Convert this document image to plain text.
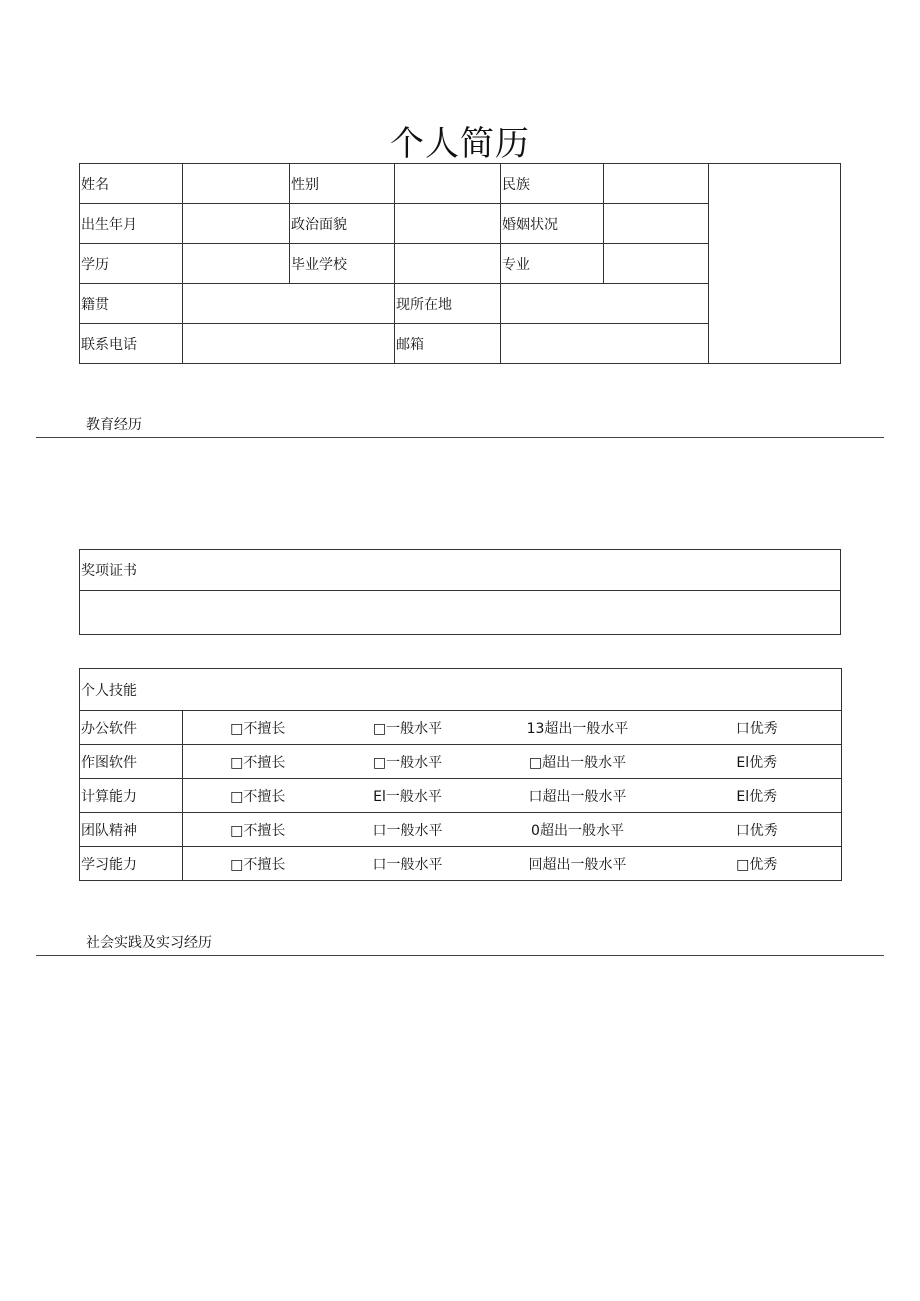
个人简历
姓名		性别		民族		
出生年月		政治面貌		婚姻状况		
学历		毕业学校		专业		
籍贯			现所在地			
联系电话			邮箱			
教育经历
奖项证书

个人技能				
办公软件	□不擅长	□一般水平	13超出一般水平	口优秀
作图软件	□不擅长	□一般水平	□超出一般水平	El优秀
计算能力	□不擅长	El一般水平	口超出一般水平	El优秀
团队精神	□不擅长	口一般水平	0超出一般水平	口优秀
学习能力	□不擅长	口一般水平	回超出一般水平	□优秀
社会实践及实习经历
